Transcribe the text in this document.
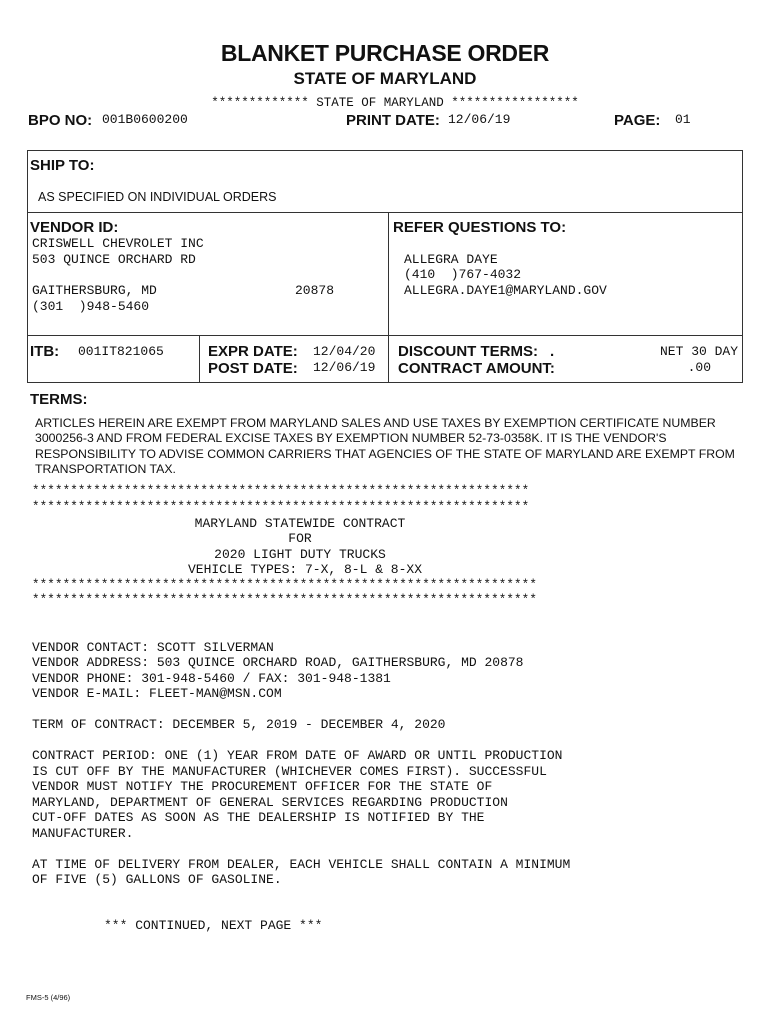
BLANKET PURCHASE ORDER
STATE OF MARYLAND
************* STATE OF MARYLAND *****************
BPO NO: 001B0600200	PRINT DATE: 12/06/19	PAGE: 01
SHIP TO:
AS SPECIFIED ON INDIVIDUAL ORDERS
VENDOR ID:
CRISWELL CHEVROLET INC
503 QUINCE ORCHARD RD
GAITHERSBURG, MD	20878
(301  )948-5460
REFER QUESTIONS TO:
ALLEGRA DAYE
(410  )767-4032
ALLEGRA.DAYE1@MARYLAND.GOV
ITB: 001IT821065	EXPR DATE: 12/04/20
POST DATE: 12/06/19
DISCOUNT TERMS: .	NET 30 DAY
CONTRACT AMOUNT:	.00
TERMS:
ARTICLES HEREIN ARE EXEMPT FROM MARYLAND SALES AND USE TAXES BY EXEMPTION CERTIFICATE NUMBER 3000256-3 AND FROM FEDERAL EXCISE TAXES BY EXEMPTION NUMBER 52-73-0358K. IT IS THE VENDOR'S RESPONSIBILITY TO ADVISE COMMON CARRIERS THAT AGENCIES OF THE STATE OF MARYLAND ARE EXEMPT FROM TRANSPORTATION TAX.
*****************************************************************
*****************************************************************
MARYLAND STATEWIDE CONTRACT
FOR
2020 LIGHT DUTY TRUCKS
VEHICLE TYPES: 7-X, 8-L & 8-XX
******************************************************************
******************************************************************
VENDOR CONTACT: SCOTT SILVERMAN
VENDOR ADDRESS: 503 QUINCE ORCHARD ROAD, GAITHERSBURG, MD 20878
VENDOR PHONE: 301-948-5460 / FAX: 301-948-1381
VENDOR E-MAIL: FLEET-MAN@MSN.COM
TERM OF CONTRACT: DECEMBER 5, 2019 - DECEMBER 4, 2020
CONTRACT PERIOD: ONE (1) YEAR FROM DATE OF AWARD OR UNTIL PRODUCTION
IS CUT OFF BY THE MANUFACTURER (WHICHEVER COMES FIRST). SUCCESSFUL
VENDOR MUST NOTIFY THE PROCUREMENT OFFICER FOR THE STATE OF
MARYLAND, DEPARTMENT OF GENERAL SERVICES REGARDING PRODUCTION
CUT-OFF DATES AS SOON AS THE DEALERSHIP IS NOTIFIED BY THE
MANUFACTURER.
AT TIME OF DELIVERY FROM DEALER, EACH VEHICLE SHALL CONTAIN A MINIMUM
OF FIVE (5) GALLONS OF GASOLINE.
*** CONTINUED, NEXT PAGE ***
FMS-5 (4/96)
